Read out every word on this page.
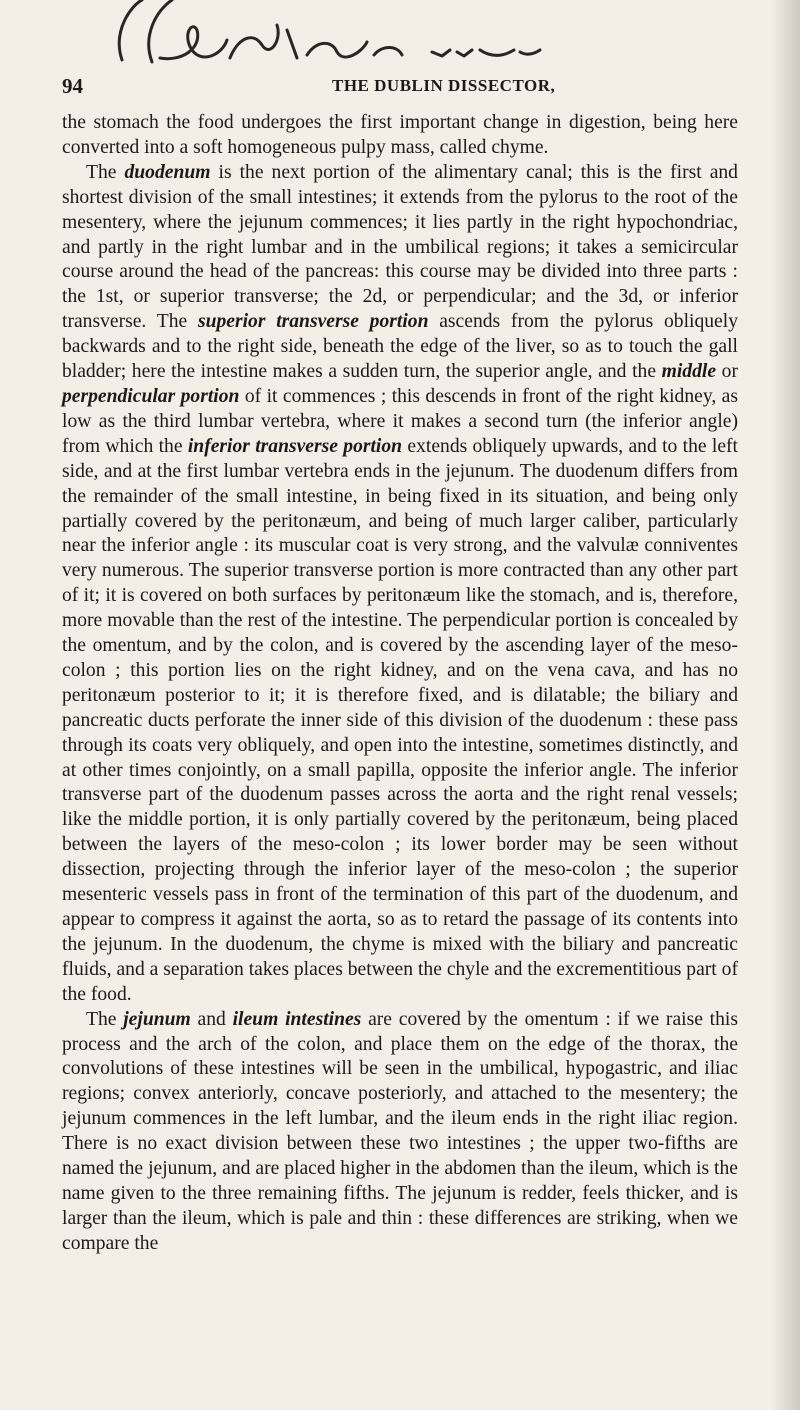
94	THE DUBLIN DISSECTOR,

the stomach the food undergoes the first important change in digestion, being here converted into a soft homogeneous pulpy mass, called chyme.

The duodenum is the next portion of the alimentary canal; this is the first and shortest division of the small intestines; it extends from the pylorus to the root of the mesentery, where the jejunum commences; it lies partly in the right hypochondriac, and partly in the right lumbar and in the umbilical regions; it takes a semicircular course around the head of the pancreas: this course may be divided into three parts : the 1st, or superior transverse; the 2d, or perpendicular; and the 3d, or inferior transverse. The superior transverse portion ascends from the pylorus obliquely backwards and to the right side, beneath the edge of the liver, so as to touch the gall bladder; here the intestine makes a sudden turn, the superior angle, and the middle or perpendicular portion of it commences ; this descends in front of the right kidney, as low as the third lumbar vertebra, where it makes a second turn (the inferior angle) from which the inferior transverse portion extends obliquely upwards, and to the left side, and at the first lumbar vertebra ends in the jejunum. The duodenum differs from the remainder of the small intestine, in being fixed in its situation, and being only partially covered by the peritonæum, and being of much larger caliber, particularly near the inferior angle : its muscular coat is very strong, and the valvulæ conniventes very numerous. The superior transverse portion is more contracted than any other part of it; it is covered on both surfaces by peritonæum like the stomach, and is, therefore, more movable than the rest of the intestine. The perpendicular portion is concealed by the omentum, and by the colon, and is covered by the ascending layer of the meso-colon ; this portion lies on the right kidney, and on the vena cava, and has no peritonæum posterior to it; it is therefore fixed, and is dilatable; the biliary and pancreatic ducts perforate the inner side of this division of the duodenum : these pass through its coats very obliquely, and open into the intestine, sometimes distinctly, and at other times conjointly, on a small papilla, opposite the inferior angle. The inferior transverse part of the duodenum passes across the aorta and the right renal vessels; like the middle portion, it is only partially covered by the peritonæum, being placed between the layers of the meso-colon ; its lower border may be seen without dissection, projecting through the inferior layer of the meso-colon ; the superior mesenteric vessels pass in front of the termination of this part of the duodenum, and appear to compress it against the aorta, so as to retard the passage of its contents into the jejunum. In the duodenum, the chyme is mixed with the biliary and pancreatic fluids, and a separation takes places between the chyle and the excrementitious part of the food.

The jejunum and ileum intestines are covered by the omentum : if we raise this process and the arch of the colon, and place them on the edge of the thorax, the convolutions of these intestines will be seen in the umbilical, hypogastric, and iliac regions; convex anteriorly, concave posteriorly, and attached to the mesentery; the jejunum commences in the left lumbar, and the ileum ends in the right iliac region. There is no exact division between these two intestines ; the upper two-fifths are named the jejunum, and are placed higher in the abdomen than the ileum, which is the name given to the three remaining fifths. The jejunum is redder, feels thicker, and is larger than the ileum, which is pale and thin : these differences are striking, when we compare the
